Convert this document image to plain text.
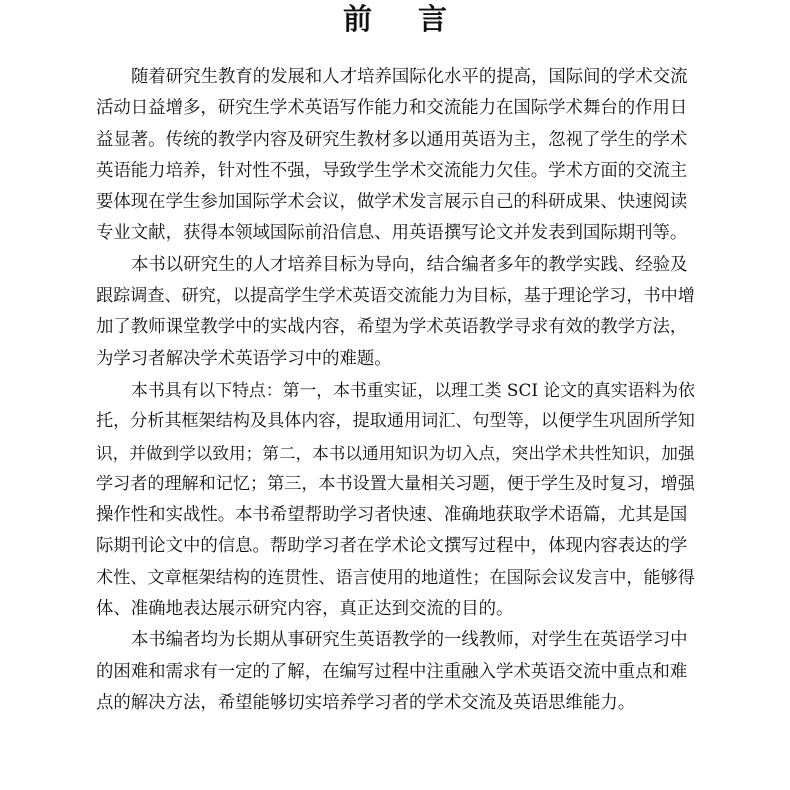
前 言
随着研究生教育的发展和人才培养国际化水平的提高，国际间的学术交流
活动日益增多，研究生学术英语写作能力和交流能力在国际学术舞台的作用日
益显著。传统的教学内容及研究生教材多以通用英语为主，忽视了学生的学术
英语能力培养，针对性不强，导致学生学术交流能力欠佳。学术方面的交流主
要体现在学生参加国际学术会议，做学术发言展示自己的科研成果、快速阅读
专业文献，获得本领域国际前沿信息、用英语撰写论文并发表到国际期刊等。
本书以研究生的人才培养目标为导向，结合编者多年的教学实践、经验及
跟踪调查、研究，以提高学生学术英语交流能力为目标，基于理论学习，书中增
加了教师课堂教学中的实战内容，希望为学术英语教学寻求有效的教学方法，
为学习者解决学术英语学习中的难题。
本书具有以下特点：第一，本书重实证，以理工类 SCI 论文的真实语料为依
托，分析其框架结构及具体内容，提取通用词汇、句型等，以便学生巩固所学知
识，并做到学以致用；第二，本书以通用知识为切入点，突出学术共性知识，加强
学习者的理解和记忆；第三，本书设置大量相关习题，便于学生及时复习，增强
操作性和实战性。本书希望帮助学习者快速、准确地获取学术语篇，尤其是国
际期刊论文中的信息。帮助学习者在学术论文撰写过程中，体现内容表达的学
术性、文章框架结构的连贯性、语言使用的地道性；在国际会议发言中，能够得
体、准确地表达展示研究内容，真正达到交流的目的。
本书编者均为长期从事研究生英语教学的一线教师，对学生在英语学习中
的困难和需求有一定的了解，在编写过程中注重融入学术英语交流中重点和难
点的解决方法，希望能够切实培养学习者的学术交流及英语思维能力。
